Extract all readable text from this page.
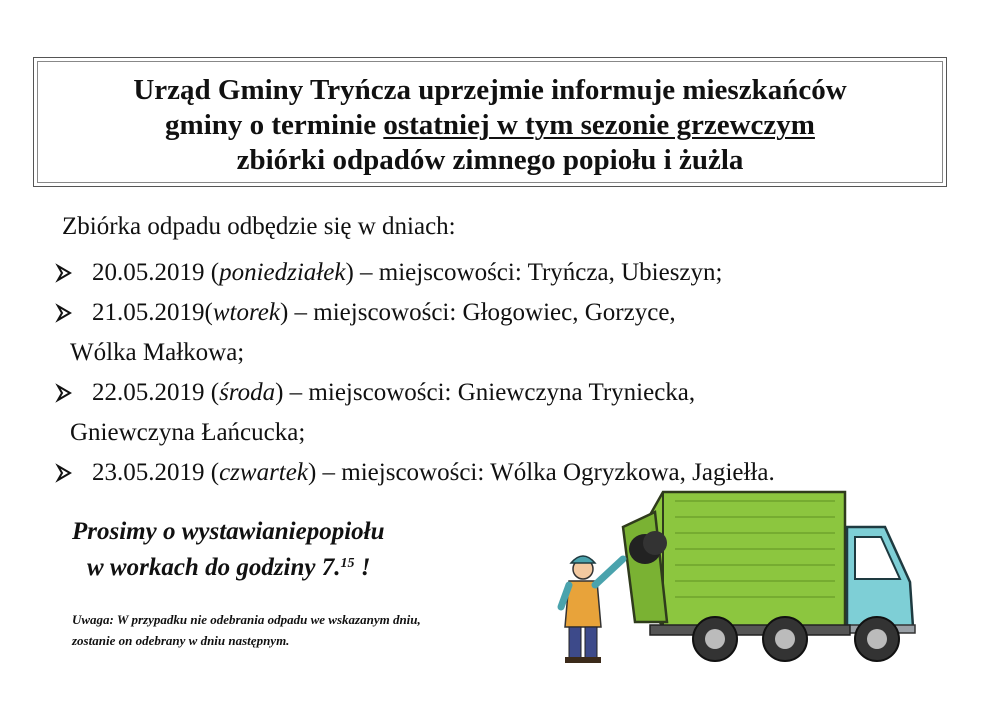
Urząd Gminy Tryńcza uprzejmie informuje mieszkańców
gminy o terminie ostatniej w tym sezonie grzewczym
zbiórki odpadów zimnego popiołu i żużla
Zbiórka odpadu odbędzie się w dniach:
20.05.2019 (poniedziałek) – miejscowości: Tryńcza, Ubieszyn;
21.05.2019(wtorek) – miejscowości: Głogowiec, Gorzyce,
Wólka Małkowa;
22.05.2019 (środa) – miejscowości: Gniewczyna Tryniecka,
Gniewczyna Łańcucka;
23.05.2019 (czwartek) – miejscowości: Wólka Ogryzkowa, Jagiełła.
Prosimy o wystawianiepopiołu
w workach do godziny 7.15 !
Uwaga: W przypadku nie odebrania odpadu we wskazanym dniu,
zostanie on odebrany w dniu następnym.
